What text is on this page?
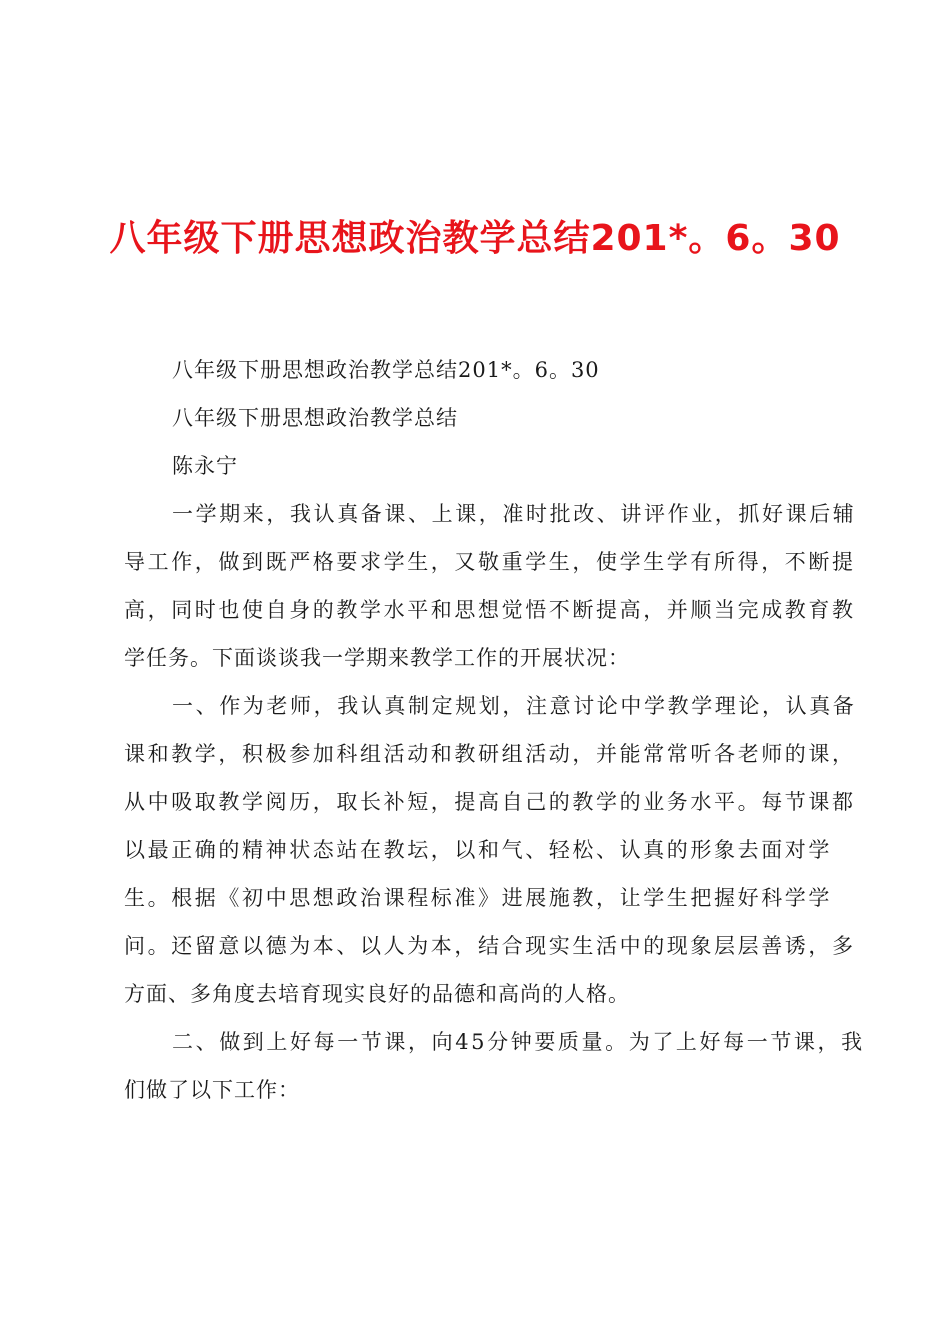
八年级下册思想政治教学总结201*。6。30
八年级下册思想政治教学总结201*。6。30
八年级下册思想政治教学总结
陈永宁
一学期来，我认真备课、上课，准时批改、讲评作业，抓好课后辅
导工作，做到既严格要求学生，又敬重学生，使学生学有所得，不断提
高，同时也使自身的教学水平和思想觉悟不断提高，并顺当完成教育教
学任务。下面谈谈我一学期来教学工作的开展状况：
一、作为老师，我认真制定规划，注意讨论中学教学理论，认真备
课和教学，积极参加科组活动和教研组活动，并能常常听各老师的课，
从中吸取教学阅历，取长补短，提高自己的教学的业务水平。每节课都
以最正确的精神状态站在教坛，以和气、轻松、认真的形象去面对学
生。根据《初中思想政治课程标准》进展施教，让学生把握好科学学
问。还留意以德为本、以人为本，结合现实生活中的现象层层善诱，多
方面、多角度去培育现实良好的品德和高尚的人格。
二、做到上好每一节课，向45分钟要质量。为了上好每一节课，我
们做了以下工作：
